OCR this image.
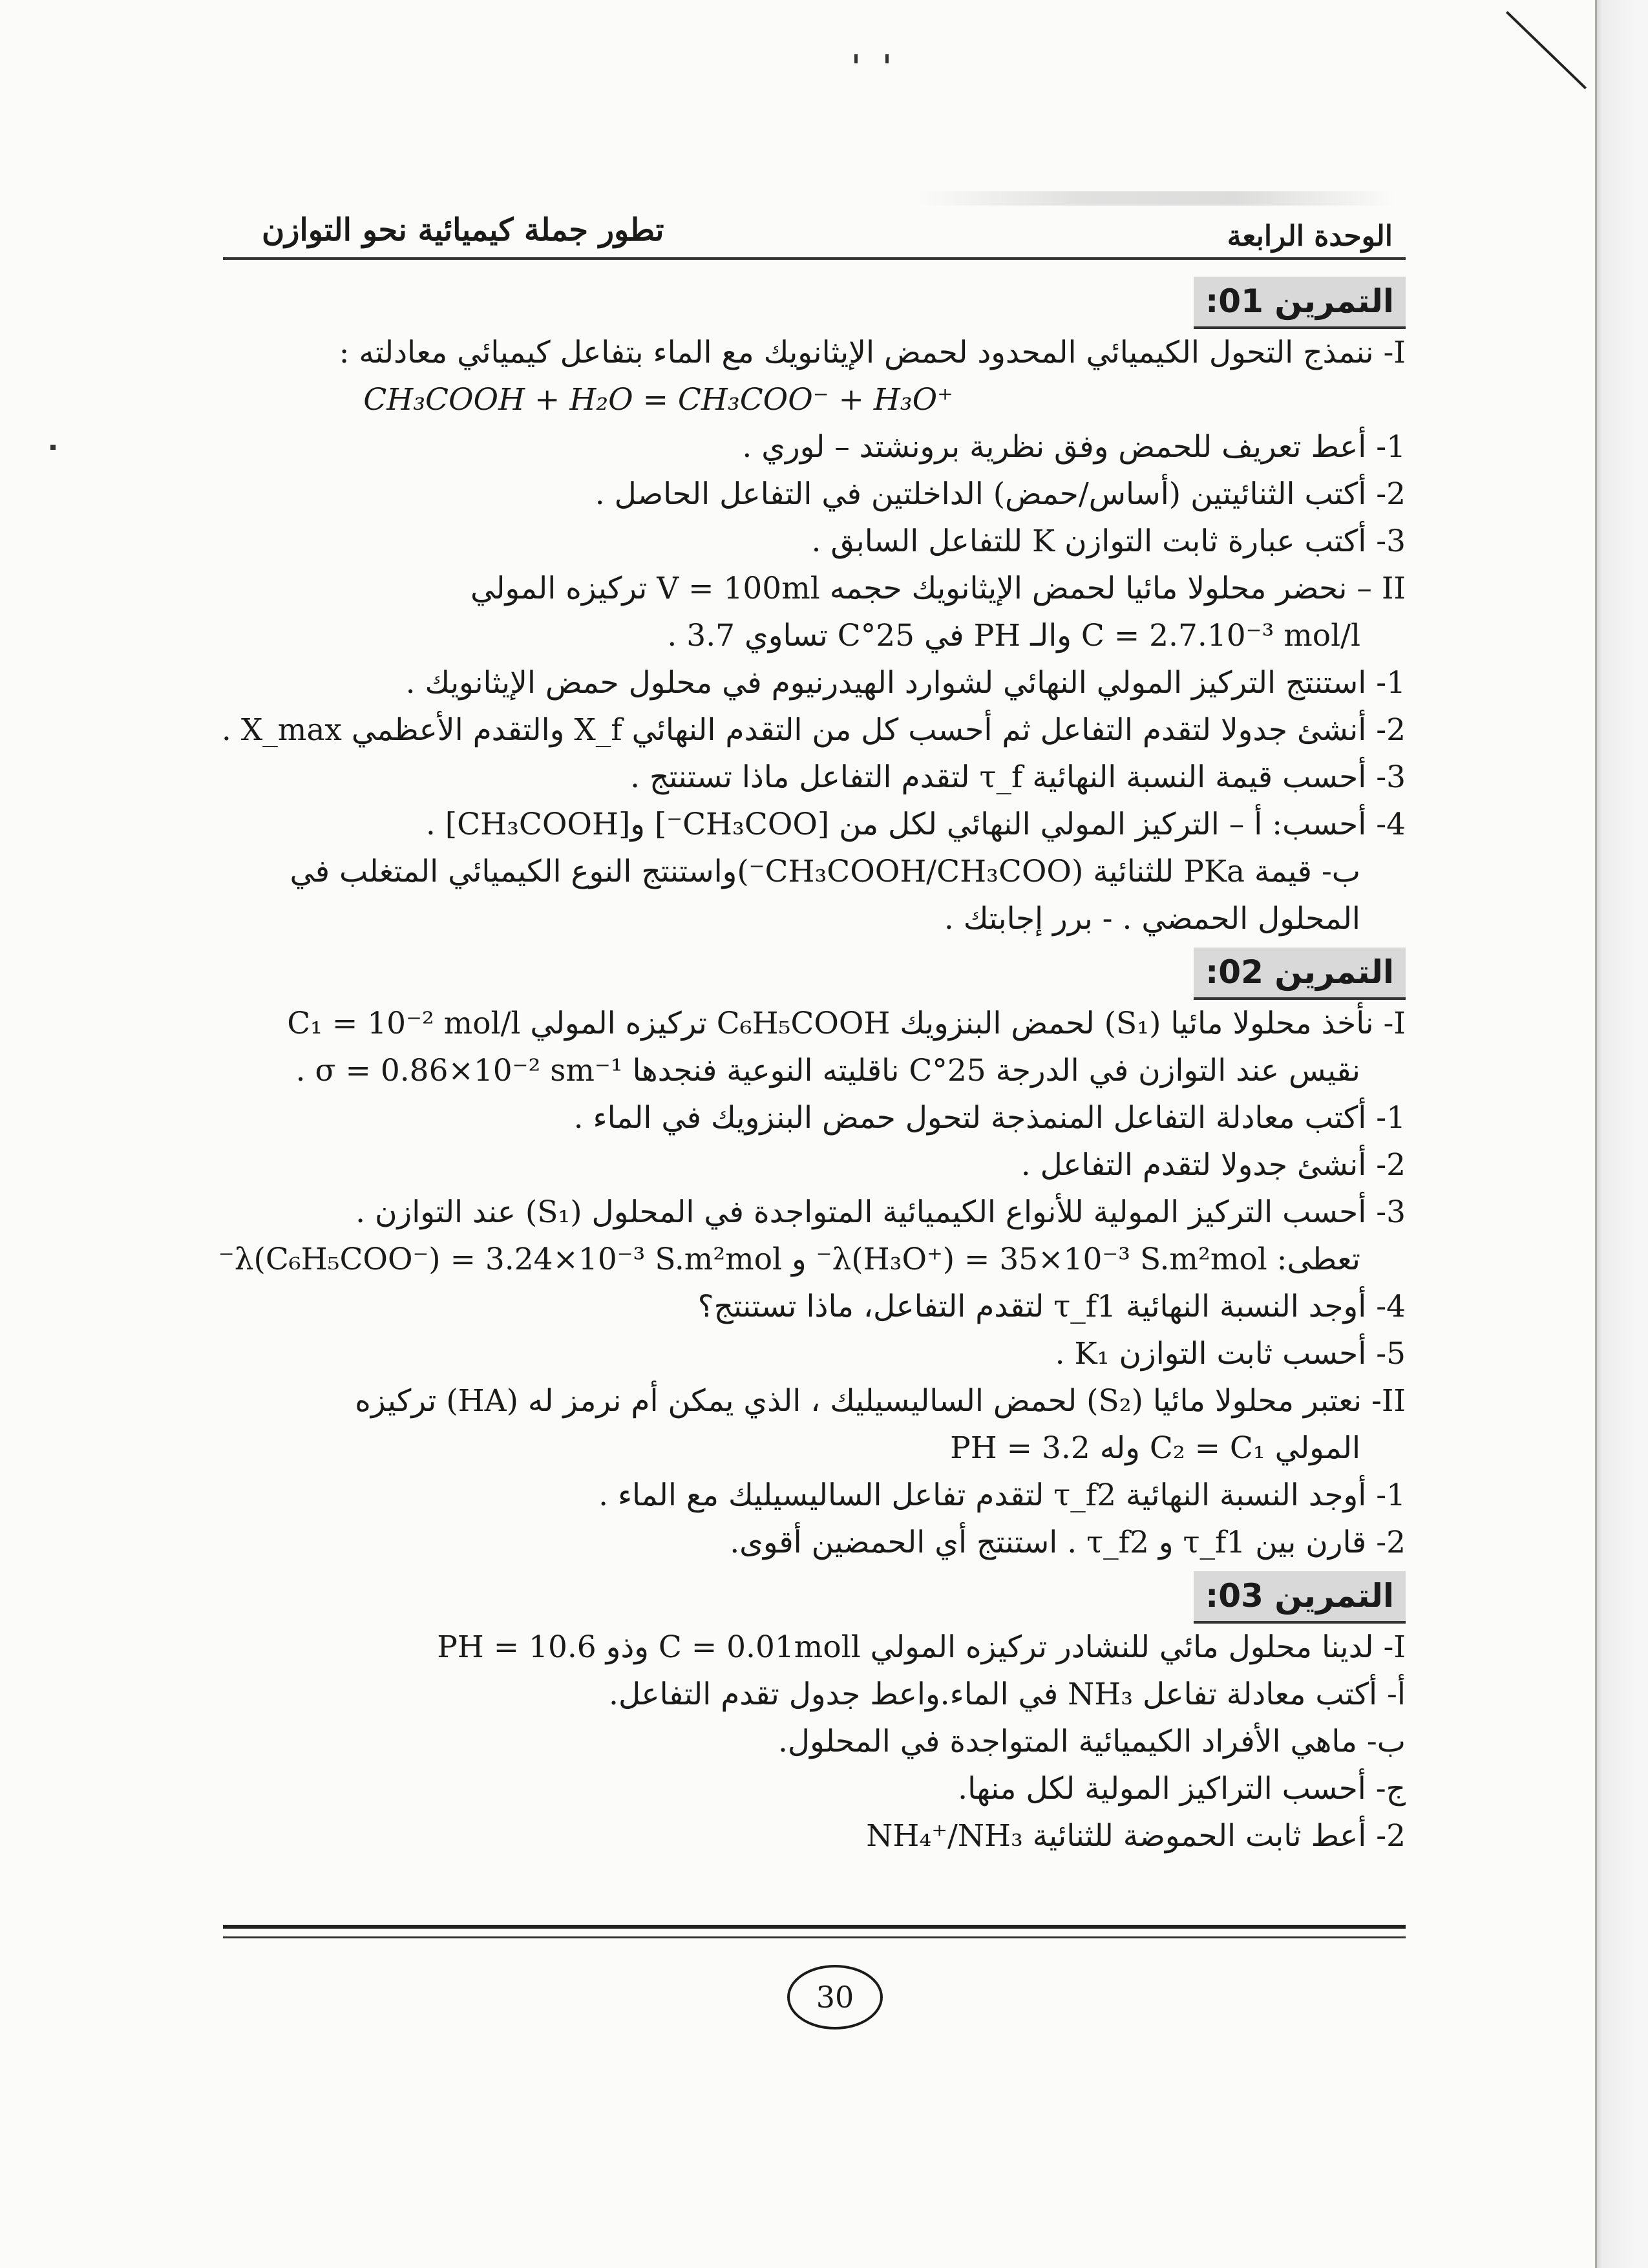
الوحدة الرابعة
تطور جملة كيميائية نحو التوازن
التمرين 01:
I- ننمذج التحول الكيميائي المحدود لحمض الإيثانويك مع الماء بتفاعل كيميائي معادلته :
CH₃COOH + H₂O = CH₃COO⁻ + H₃O⁺
1- أعط تعريف للحمض وفق نظرية برونشتد – لوري .
2- أكتب الثنائيتين (أساس/حمض) الداخلتين في التفاعل الحاصل .
3- أكتب عبارة ثابت التوازن K للتفاعل السابق .
II – نحضر محلولا مائيا لحمض الإيثانويك حجمه V = 100ml تركيزه المولي
C = 2.7.10⁻³ mol/l والـ PH في 25°C تساوي 3.7 .
1- استنتج التركيز المولي النهائي لشوارد الهيدرنيوم في محلول حمض الإيثانويك .
2- أنشئ جدولا لتقدم التفاعل ثم أحسب كل من التقدم النهائي X_f والتقدم الأعظمي X_max .
3- أحسب قيمة النسبة النهائية τ_f لتقدم التفاعل ماذا تستنتج .
4- أحسب: أ – التركيز المولي النهائي لكل من [CH₃COO⁻] و[CH₃COOH] .
ب- قيمة PKa للثنائية (CH₃COOH/CH₃COO⁻)واستنتج النوع الكيميائي المتغلب في
المحلول الحمضي . - برر إجابتك .
التمرين 02:
I- نأخذ محلولا مائيا (S₁) لحمض البنزويك C₆H₅COOH تركيزه المولي C₁ = 10⁻² mol/l
نقيس عند التوازن في الدرجة 25°C ناقليته النوعية فنجدها σ = 0.86×10⁻² sm⁻¹ .
1- أكتب معادلة التفاعل المنمذجة لتحول حمض البنزويك في الماء .
2- أنشئ جدولا لتقدم التفاعل .
3- أحسب التركيز المولية للأنواع الكيميائية المتواجدة في المحلول (S₁) عند التوازن .
تعطى: λ(H₃O⁺) = 35×10⁻³ S.m²mol⁻ و λ(C₆H₅COO⁻) = 3.24×10⁻³ S.m²mol⁻
4- أوجد النسبة النهائية τ_f1 لتقدم التفاعل، ماذا تستنتج؟
5- أحسب ثابت التوازن K₁ .
II- نعتبر محلولا مائيا (S₂) لحمض الساليسيليك ، الذي يمكن أم نرمز له (HA) تركيزه
المولي C₂ = C₁ وله PH = 3.2
1- أوجد النسبة النهائية τ_f2 لتقدم تفاعل الساليسيليك مع الماء .
2- قارن بين τ_f1 و τ_f2 . استنتج أي الحمضين أقوى.
التمرين 03:
I- لدينا محلول مائي للنشادر تركيزه المولي C = 0.01moll وذو PH = 10.6
أ- أكتب معادلة تفاعل NH₃ في الماء.واعط جدول تقدم التفاعل.
ب- ماهي الأفراد الكيميائية المتواجدة في المحلول.
ج- أحسب التراكيز المولية لكل منها.
2- أعط ثابت الحموضة للثنائية NH₄⁺/NH₃
30
